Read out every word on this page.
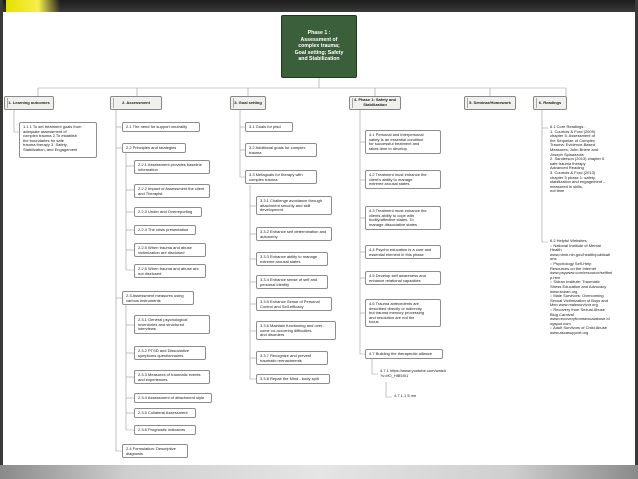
Phase 1 :
Assessment of
complex trauma;
Goal setting; Safety
and Stabilization
1. Learning outcomes	2. Assessment	3. Goal setting	4. Phase 1: Safety and
Stabilization	5. Seminar/Homework	6. Readings
1.1 1 To set treatment goals from
adequate assessment of
complex trauma 2.To establish
the boundaries for safe
trauma therapy 3. Safety,
Stabilization, and Engagement
2.1 The need for support neutrality
2.2 Principles and strategies
2.2.1 Assessment provides baseline
information
2.2.2 Impact of Assessment the client
and Therapist
2.2.3 Under and Overreporting
2.2.4 The crisis presentation
2.2.5 When trauma and abuse
victimization are disclosed
2.2.6 When trauma and abuse are
not disclosed
2.3 Assessment measures using
various instruments
2.3.1 General psychological
inventories and structured
interviews
2.3.2 PTSD and Dissociative
symptoms questionnaires
2.3.3 Measures of traumatic events
and experiences
2.3.4 Assessment of attachment style
2.3.5 Collateral Assessment
2.3.6 Prognostic indicators
2.4 Formulation: Descriptive
diagnosis
3.1 Goals for ptsd
3.2 Additional goals for complex
trauma
3.3 Metagoals for therapy with
complex trauma
3.3.1 Challenge avoidance through
attachment security and skill
development
3.3.2 Enhance self determination and
autonomy
3.3.3 Enhance ability to manage
extreme arousal states
3.3.4 Enhance sense of self and
personal identity
3.3.5 Enhance Sense of Personal
Control and Self-efficacy
3.3.6 Maintain functioning and over-
come co-occurring difficulties
and disorders
3.3.7 Recognize and prevent
traumatic reenactments
3.3.8 Repair the Mind - body split
4.1 Personal and interpersonal
safety is an essential condition
for successful treatment and
takes time to develop
4.2 Treatment must enhance the
client's ability to manage
extreme arousal states
4.3 Treatment must enhance the
clients ability to cope with
bodily/affective states. To
manage dissociative states
4.4 Psycho education is a core and
essential element in this phase
4.5 Develop self awareness and
enhance relational capacities
4.6 Trauma antecedents are
described directly or indirectly,
but trauma memory processing
and resolution are not the
focus.
4.7 Building the therapeutic alliance
4.7.1 https://www.youtube.com/watch
?v=lfO_HlB5Xi1
4.7.1.1 5 mn
6.1 Core Readings :
1. Courtois & Ford (2009)
chapter 5: Assessment of
the Sequelae of Complex
Trauma: Evidence-Based
Measures; John Briere and
Joseph Spinazzola
2. Sanderson (2013) chapter 5
safe trauma therapy
Advanced Reading
3. Courtois & Ford (2013)
chapter 5 phase 1: safety,
stabilization and engagement –
measured in skills,
not time
6.2 Helpful Websites
:: National Institute of Mental
Health
www.nimh.nih.gov/health/publicati
ons
:: Psychology Self-Help
Resources on the Internet
www.psywww.com/resource/selfhel
p.htm
:: Sidran Institute: Traumatic
Stress Education and Advocacy
www.sidran.org
:: Male Survivors: Overcoming
Sexual Victimization of Boys and
Men www.malesurvivor.org
:: Recovery from Sexual Abuse
Blog Carnival
www.recoveryfromsexualabuse.bl
ogspot.com
:: Adult Survivors of Child Abuse
www.ascasupport.org
